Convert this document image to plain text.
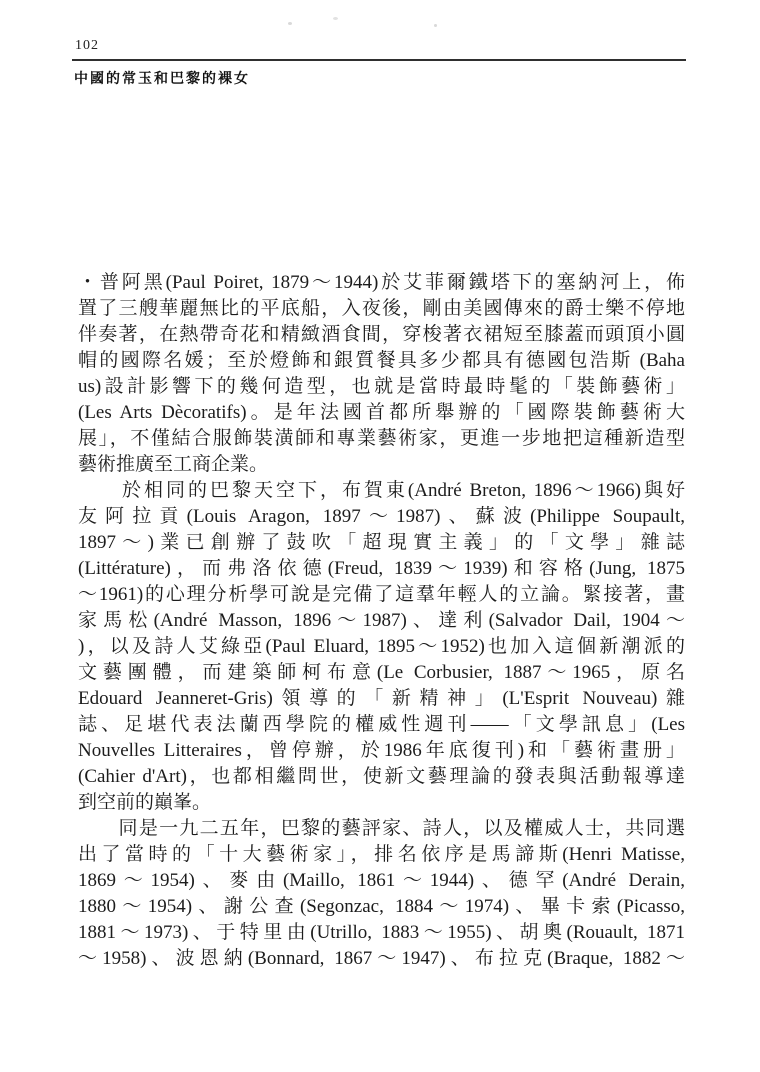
102
中國的常玉和巴黎的裸女
・普阿黑(Paul Poiret, 1879～1944)於艾菲爾鐵塔下的塞納河上，佈
置了三艘華麗無比的平底船，入夜後，剛由美國傳來的爵士樂不停地
伴奏著，在熱帶奇花和精緻酒食間，穿梭著衣裙短至膝蓋而頭頂小圓
帽的國際名媛；至於燈飾和銀質餐具多少都具有德國包浩斯 (Baha
us)設計影響下的幾何造型，也就是當時最時髦的「裝飾藝術」
(Les Arts Dècoratifs)。是年法國首都所舉辦的「國際裝飾藝術大
展」，不僅結合服飾裝潢師和專業藝術家，更進一步地把這種新造型
藝術推廣至工商企業。
　　於相同的巴黎天空下，布賀東(André Breton, 1896～1966)與好
友阿拉貢(Louis Aragon, 1897～1987)、蘇波(Philippe Soupault,
1897～)業已創辦了鼓吹「超現實主義」的「文學」雜誌
(Littérature)，而弗洛依德(Freud, 1839～1939)和容格(Jung, 1875
～1961)的心理分析學可說是完備了這羣年輕人的立論。緊接著，畫
家馬松(André Masson, 1896～1987)、達利(Salvador Dail, 1904～
)，以及詩人艾綠亞(Paul Eluard, 1895～1952)也加入這個新潮派的
文藝團體，而建築師柯布意(Le Corbusier, 1887～1965，原名
Edouard Jeanneret-Gris)領導的「新精神」(L'Esprit Nouveau)雜
誌、足堪代表法蘭西學院的權威性週刊——「文學訊息」(Les
Nouvelles Litteraires，曾停辦，於1986年底復刊)和「藝術畫册」
(Cahier d'Art)，也都相繼問世，使新文藝理論的發表與活動報導達
到空前的巔峯。
　　同是一九二五年，巴黎的藝評家、詩人，以及權威人士，共同選
出了當時的「十大藝術家」，排名依序是馬諦斯(Henri Matisse,
1869～1954)、麥由(Maillo, 1861～1944)、德罕(André Derain,
1880～1954)、謝公查(Segonzac, 1884～1974)、畢卡索(Picasso,
1881～1973)、于特里由(Utrillo, 1883～1955)、胡奧(Rouault, 1871
～1958)、波恩納(Bonnard, 1867～1947)、布拉克(Braque, 1882～
